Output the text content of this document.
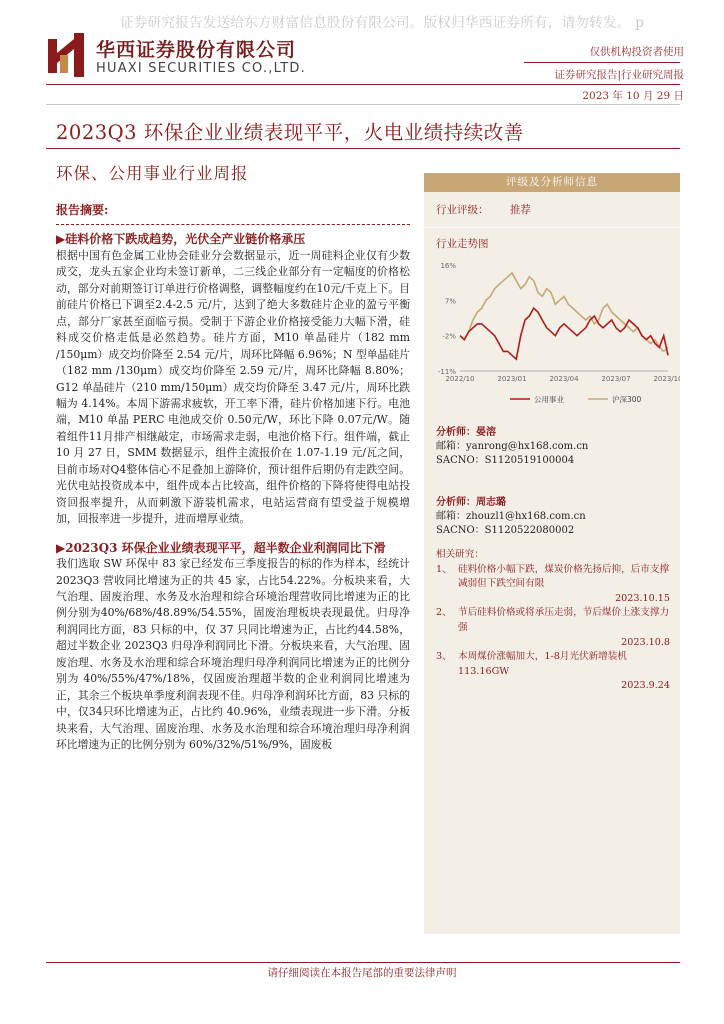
证券研究报告发送给东方财富信息股份有限公司。版权归华西证券所有，请勿转发。 p
华西证券股份有限公司
HUAXI SECURITIES CO.,LTD.
仅供机构投资者使用
证券研究报告|行业研究周报
2023 年 10 月 29 日
2023Q3 环保企业业绩表现平平，火电业绩持续改善
环保、公用事业行业周报

报告摘要:

▶硅料价格下跌成趋势，光伏全产业链价格承压

根据中国有色金属工业协会硅业分会数据显示，近一周硅料企业仅有少数成交，龙头五家企业均未签订新单，二三线企业部分有一定幅度的价格松动，部分对前期签订订单进行价格调整，调整幅度约在10元/千克上下。目前硅片价格已下调至2.4-2.5 元/片，达到了绝大多数硅片企业的盈亏平衡点，部分厂家甚至面临亏损。受制于下游企业价格接受能力大幅下滑，硅料成交价格走低是必然趋势。硅片方面，M10 单晶硅片（182 mm /150μm）成交均价降至 2.54 元/片，周环比降幅 6.96%；N 型单晶硅片（182 mm /130μm）成交均价降至 2.59 元/片，周环比降幅 8.80%；G12 单晶硅片（210 mm/150μm）成交均价降至 3.47 元/片，周环比跌幅为 4.14%。本周下游需求疲软，开工率下滑，硅片价格加速下行。电池端，M10 单晶 PERC 电池成交价 0.50元/W，环比下降 0.07元/W。随着组件11月排产相继敲定，市场需求走弱，电池价格下行。组件端，截止 10 月 27 日，SMM 数据显示，组件主流报价在 1.07-1.19 元/瓦之间，目前市场对Q4整体信心不足叠加上游降价，预计组件后期仍有走跌空间。光伏电站投资成本中，组件成本占比较高，组件价格的下降将使得电站投资回报率提升，从而刺激下游装机需求，电站运营商有望受益于规模增加，回报率进一步提升，进而增厚业绩。

▶2023Q3 环保企业业绩表现平平，超半数企业利润同比下滑

我们选取 SW 环保中 83 家已经发布三季度报告的标的作为样本，经统计 2023Q3 营收同比增速为正的共 45 家，占比54.22%。分板块来看，大气治理、固废治理、水务及水治理和综合环境治理营收同比增速为正的比例分别为40%/68%/48.89%/54.55%，固废治理板块表现最优。归母净利润同比方面，83 只标的中，仅 37 只同比增速为正，占比约44.58%，超过半数企业 2023Q3 归母净利润同比下滑。分板块来看，大气治理、固废治理、水务及水治理和综合环境治理归母净利润同比增速为正的比例分别为 40%/55%/47%/18%，仅固废治理超半数的企业利润同比增速为正，其余三个板块单季度利润表现不佳。归母净利润环比方面，83 只标的中，仅34只环比增速为正，占比约 40.96%，业绩表现进一步下滑。分板块来看，大气治理、固废治理、水务及水治理和综合环境治理归母净利润环比增速为正的比例分别为 60%/32%/51%/9%，固废板

评级及分析师信息
行业评级： 推荐
行业走势图
16%
7%
-2%
-11%
2022/10	2023/01	2023/04	2023/07	2023/10
公用事业	沪深300
分析师：晏溶
邮箱：yanrong@hx168.com.cn
SACNO：S1120519100004
分析师：周志璐
邮箱：zhouzl1@hx168.com.cn
SACNO：S1120522080002
相关研究：
1、 硅料价格小幅下跌，煤炭价格先扬后抑，后市支撑减弱但下跌空间有限
2023.10.15
2、 节后硅料价格或将承压走弱，节后煤价上涨支撑力强
2023.10.8
3、 本周煤价涨幅加大，1-8月光伏新增装机113.16GW
2023.9.24
请仔细阅读在本报告尾部的重要法律声明
